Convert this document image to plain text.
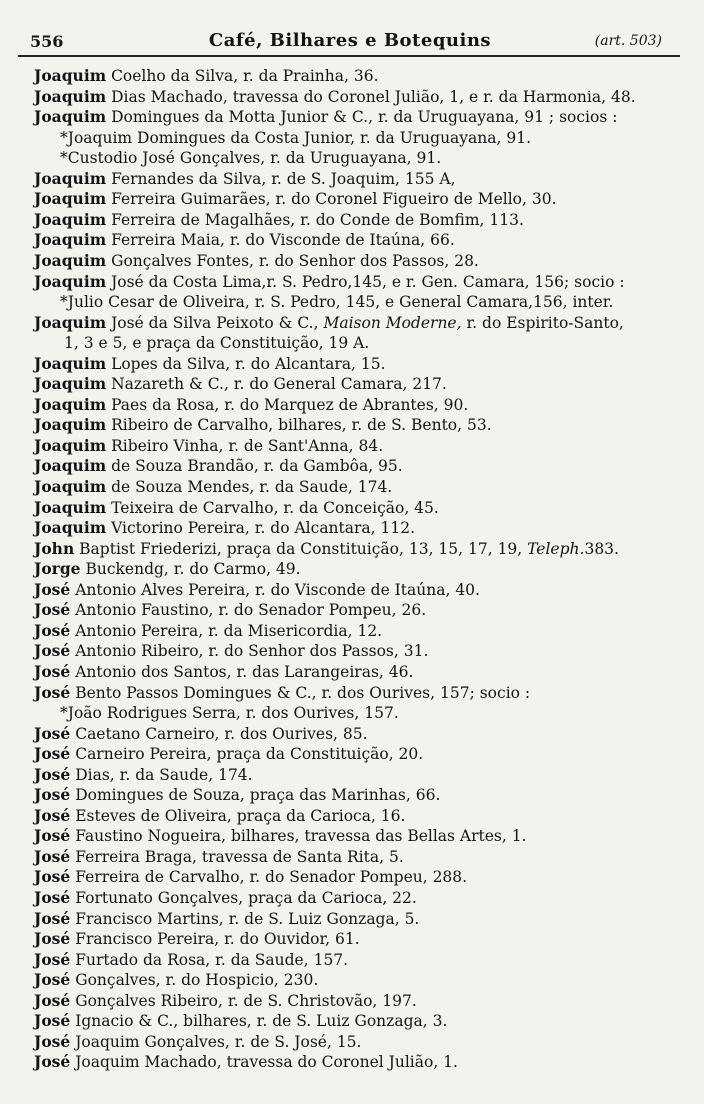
556	Café, Bilhares e Botequins	(art. 503)
Joaquim Coelho da Silva, r. da Prainha, 36.
Joaquim Dias Machado, travessa do Coronel Julião, 1, e r. da Harmonia, 48.
Joaquim Domingues da Motta Junior & C., r. da Uruguayana, 91 ; socios :
*Joaquim Domingues da Costa Junior, r. da Uruguayana, 91.
*Custodio José Gonçalves, r. da Uruguayana, 91.
Joaquim Fernandes da Silva, r. de S. Joaquim, 155 A,
Joaquim Ferreira Guimarães, r. do Coronel Figueiro de Mello, 30.
Joaquim Ferreira de Magalhães, r. do Conde de Bomfim, 113.
Joaquim Ferreira Maia, r. do Visconde de Itaúna, 66.
Joaquim Gonçalves Fontes, r. do Senhor dos Passos, 28.
Joaquim José da Costa Lima,r. S. Pedro,145, e r. Gen. Camara, 156; socio :
*Julio Cesar de Oliveira, r. S. Pedro, 145, e General Camara,156, inter.
Joaquim José da Silva Peixoto & C., Maison Moderne, r. do Espirito-Santo,
1, 3 e 5, e praça da Constituição, 19 A.
Joaquim Lopes da Silva, r. do Alcantara, 15.
Joaquim Nazareth & C., r. do General Camara, 217.
Joaquim Paes da Rosa, r. do Marquez de Abrantes, 90.
Joaquim Ribeiro de Carvalho, bilhares, r. de S. Bento, 53.
Joaquim Ribeiro Vinha, r. de Sant'Anna, 84.
Joaquim de Souza Brandão, r. da Gambôa, 95.
Joaquim de Souza Mendes, r. da Saude, 174.
Joaquim Teixeira de Carvalho, r. da Conceição, 45.
Joaquim Victorino Pereira, r. do Alcantara, 112.
John Baptist Friederizi, praça da Constituição, 13, 15, 17, 19, Teleph.383.
Jorge Buckendg, r. do Carmo, 49.
José Antonio Alves Pereira, r. do Visconde de Itaúna, 40.
José Antonio Faustino, r. do Senador Pompeu, 26.
José Antonio Pereira, r. da Misericordia, 12.
José Antonio Ribeiro, r. do Senhor dos Passos, 31.
José Antonio dos Santos, r. das Larangeiras, 46.
José Bento Passos Domingues & C., r. dos Ourives, 157; socio :
*João Rodrigues Serra, r. dos Ourives, 157.
José Caetano Carneiro, r. dos Ourives, 85.
José Carneiro Pereira, praça da Constituição, 20.
José Dias, r. da Saude, 174.
José Domingues de Souza, praça das Marinhas, 66.
José Esteves de Oliveira, praça da Carioca, 16.
José Faustino Nogueira, bilhares, travessa das Bellas Artes, 1.
José Ferreira Braga, travessa de Santa Rita, 5.
José Ferreira de Carvalho, r. do Senador Pompeu, 288.
José Fortunato Gonçalves, praça da Carioca, 22.
José Francisco Martins, r. de S. Luiz Gonzaga, 5.
José Francisco Pereira, r. do Ouvidor, 61.
José Furtado da Rosa, r. da Saude, 157.
José Gonçalves, r. do Hospicio, 230.
José Gonçalves Ribeiro, r. de S. Christovão, 197.
José Ignacio & C., bilhares, r. de S. Luiz Gonzaga, 3.
José Joaquim Gonçalves, r. de S. José, 15.
José Joaquim Machado, travessa do Coronel Julião, 1.
